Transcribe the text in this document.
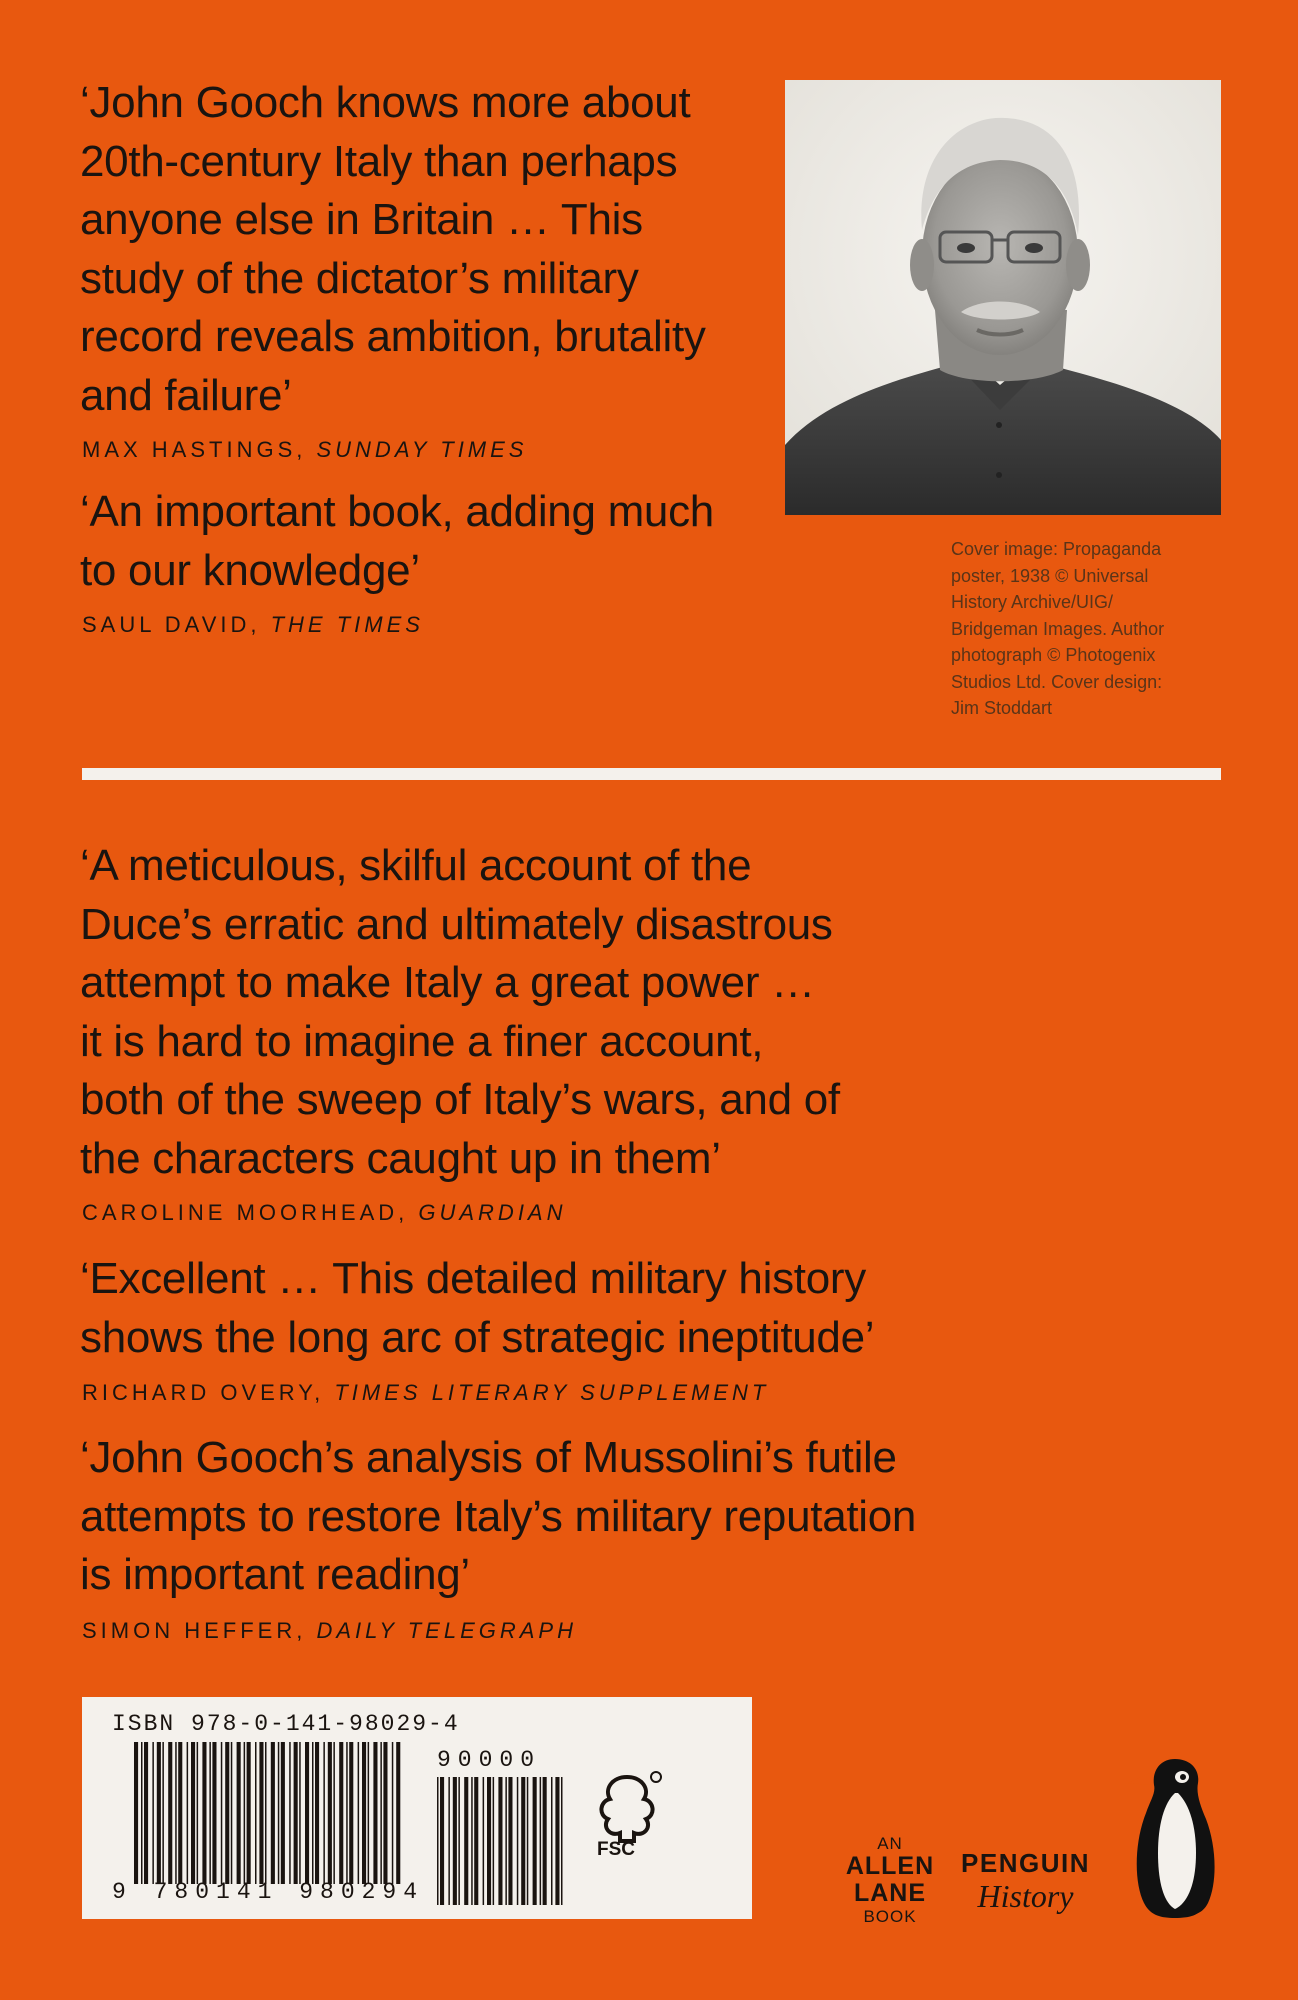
‘John Gooch knows more about
20th-century Italy than perhaps
anyone else in Britain … This
study of the dictator’s military
record reveals ambition, brutality
and failure’

MAX HASTINGS, SUNDAY TIMES

‘An important book, adding much
to our knowledge’

SAUL DAVID, THE TIMES
Cover image: Propaganda
poster, 1938 © Universal
History Archive/UIG/
Bridgeman Images. Author
photograph © Photogenix
Studios Ltd. Cover design:
Jim Stoddart

‘A meticulous, skilful account of the
Duce’s erratic and ultimately disastrous
attempt to make Italy a great power …
it is hard to imagine a finer account,
both of the sweep of Italy’s wars, and of
the characters caught up in them’

CAROLINE MOORHEAD, GUARDIAN

‘Excellent … This detailed military history
shows the long arc of strategic ineptitude’

RICHARD OVERY, TIMES LITERARY SUPPLEMENT

‘John Gooch’s analysis of Mussolini’s futile
attempts to restore Italy’s military reputation
is important reading’

SIMON HEFFER, DAILY TELEGRAPH
ISBN 978-0-141-98029-4
9 780141 980294
90000
FSC	AN
ALLEN
LANE
BOOK
PENGUIN
History
